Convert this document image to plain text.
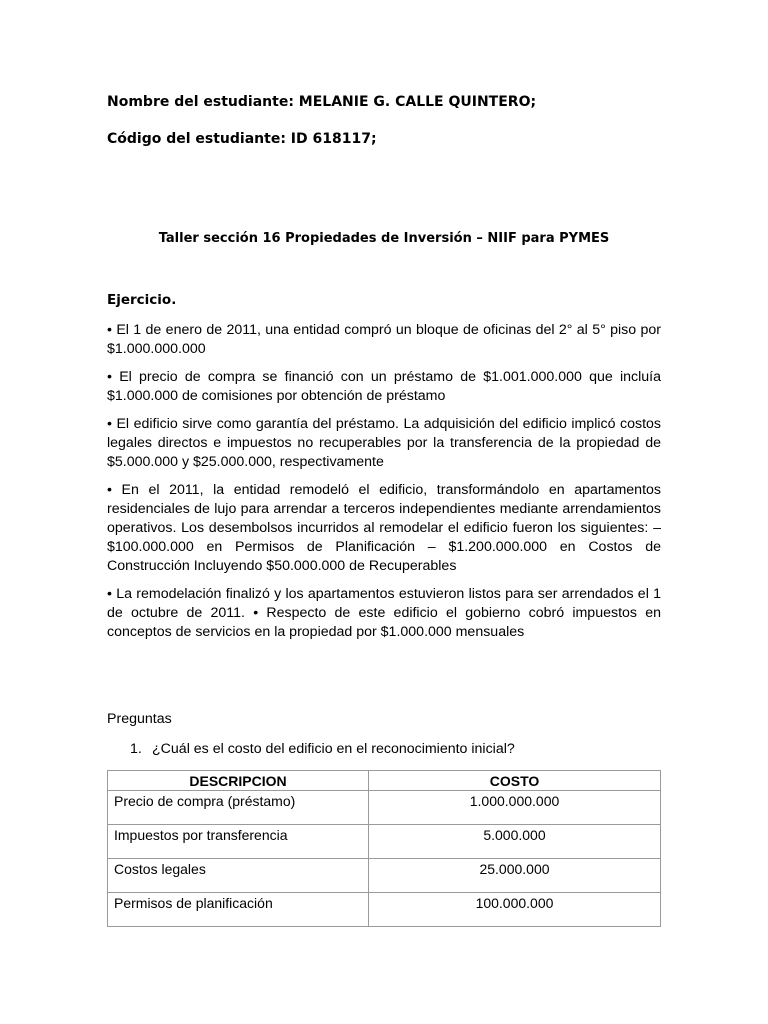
Nombre del estudiante: MELANIE G. CALLE QUINTERO;
Código del estudiante: ID 618117;
Taller sección 16 Propiedades de Inversión – NIIF para PYMES
Ejercicio.

• El 1 de enero de 2011, una entidad compró un bloque de oficinas del 2° al 5° piso por $1.000.000.000

• El precio de compra se financió con un préstamo de $1.001.000.000 que incluía $1.000.000 de comisiones por obtención de préstamo

• El edificio sirve como garantía del préstamo. La adquisición del edificio implicó costos legales directos e impuestos no recuperables por la transferencia de la propiedad de $5.000.000 y $25.000.000, respectivamente

• En el 2011, la entidad remodeló el edificio, transformándolo en apartamentos residenciales de lujo para arrendar a terceros independientes mediante arrendamientos operativos. Los desembolsos incurridos al remodelar el edificio fueron los siguientes: – $100.000.000 en Permisos de Planificación – $1.200.000.000 en Costos de Construcción Incluyendo $50.000.000 de Recuperables

• La remodelación finalizó y los apartamentos estuvieron listos para ser arrendados el 1 de octubre de 2011. • Respecto de este edificio el gobierno cobró impuestos en conceptos de servicios en la propiedad por $1.000.000 mensuales

Preguntas
1. ¿Cuál es el costo del edificio en el reconocimiento inicial?
DESCRIPCION	COSTO
Precio de compra (préstamo)	1.000.000.000
Impuestos por transferencia	5.000.000
Costos legales	25.000.000
Permisos de planificación	100.000.000
